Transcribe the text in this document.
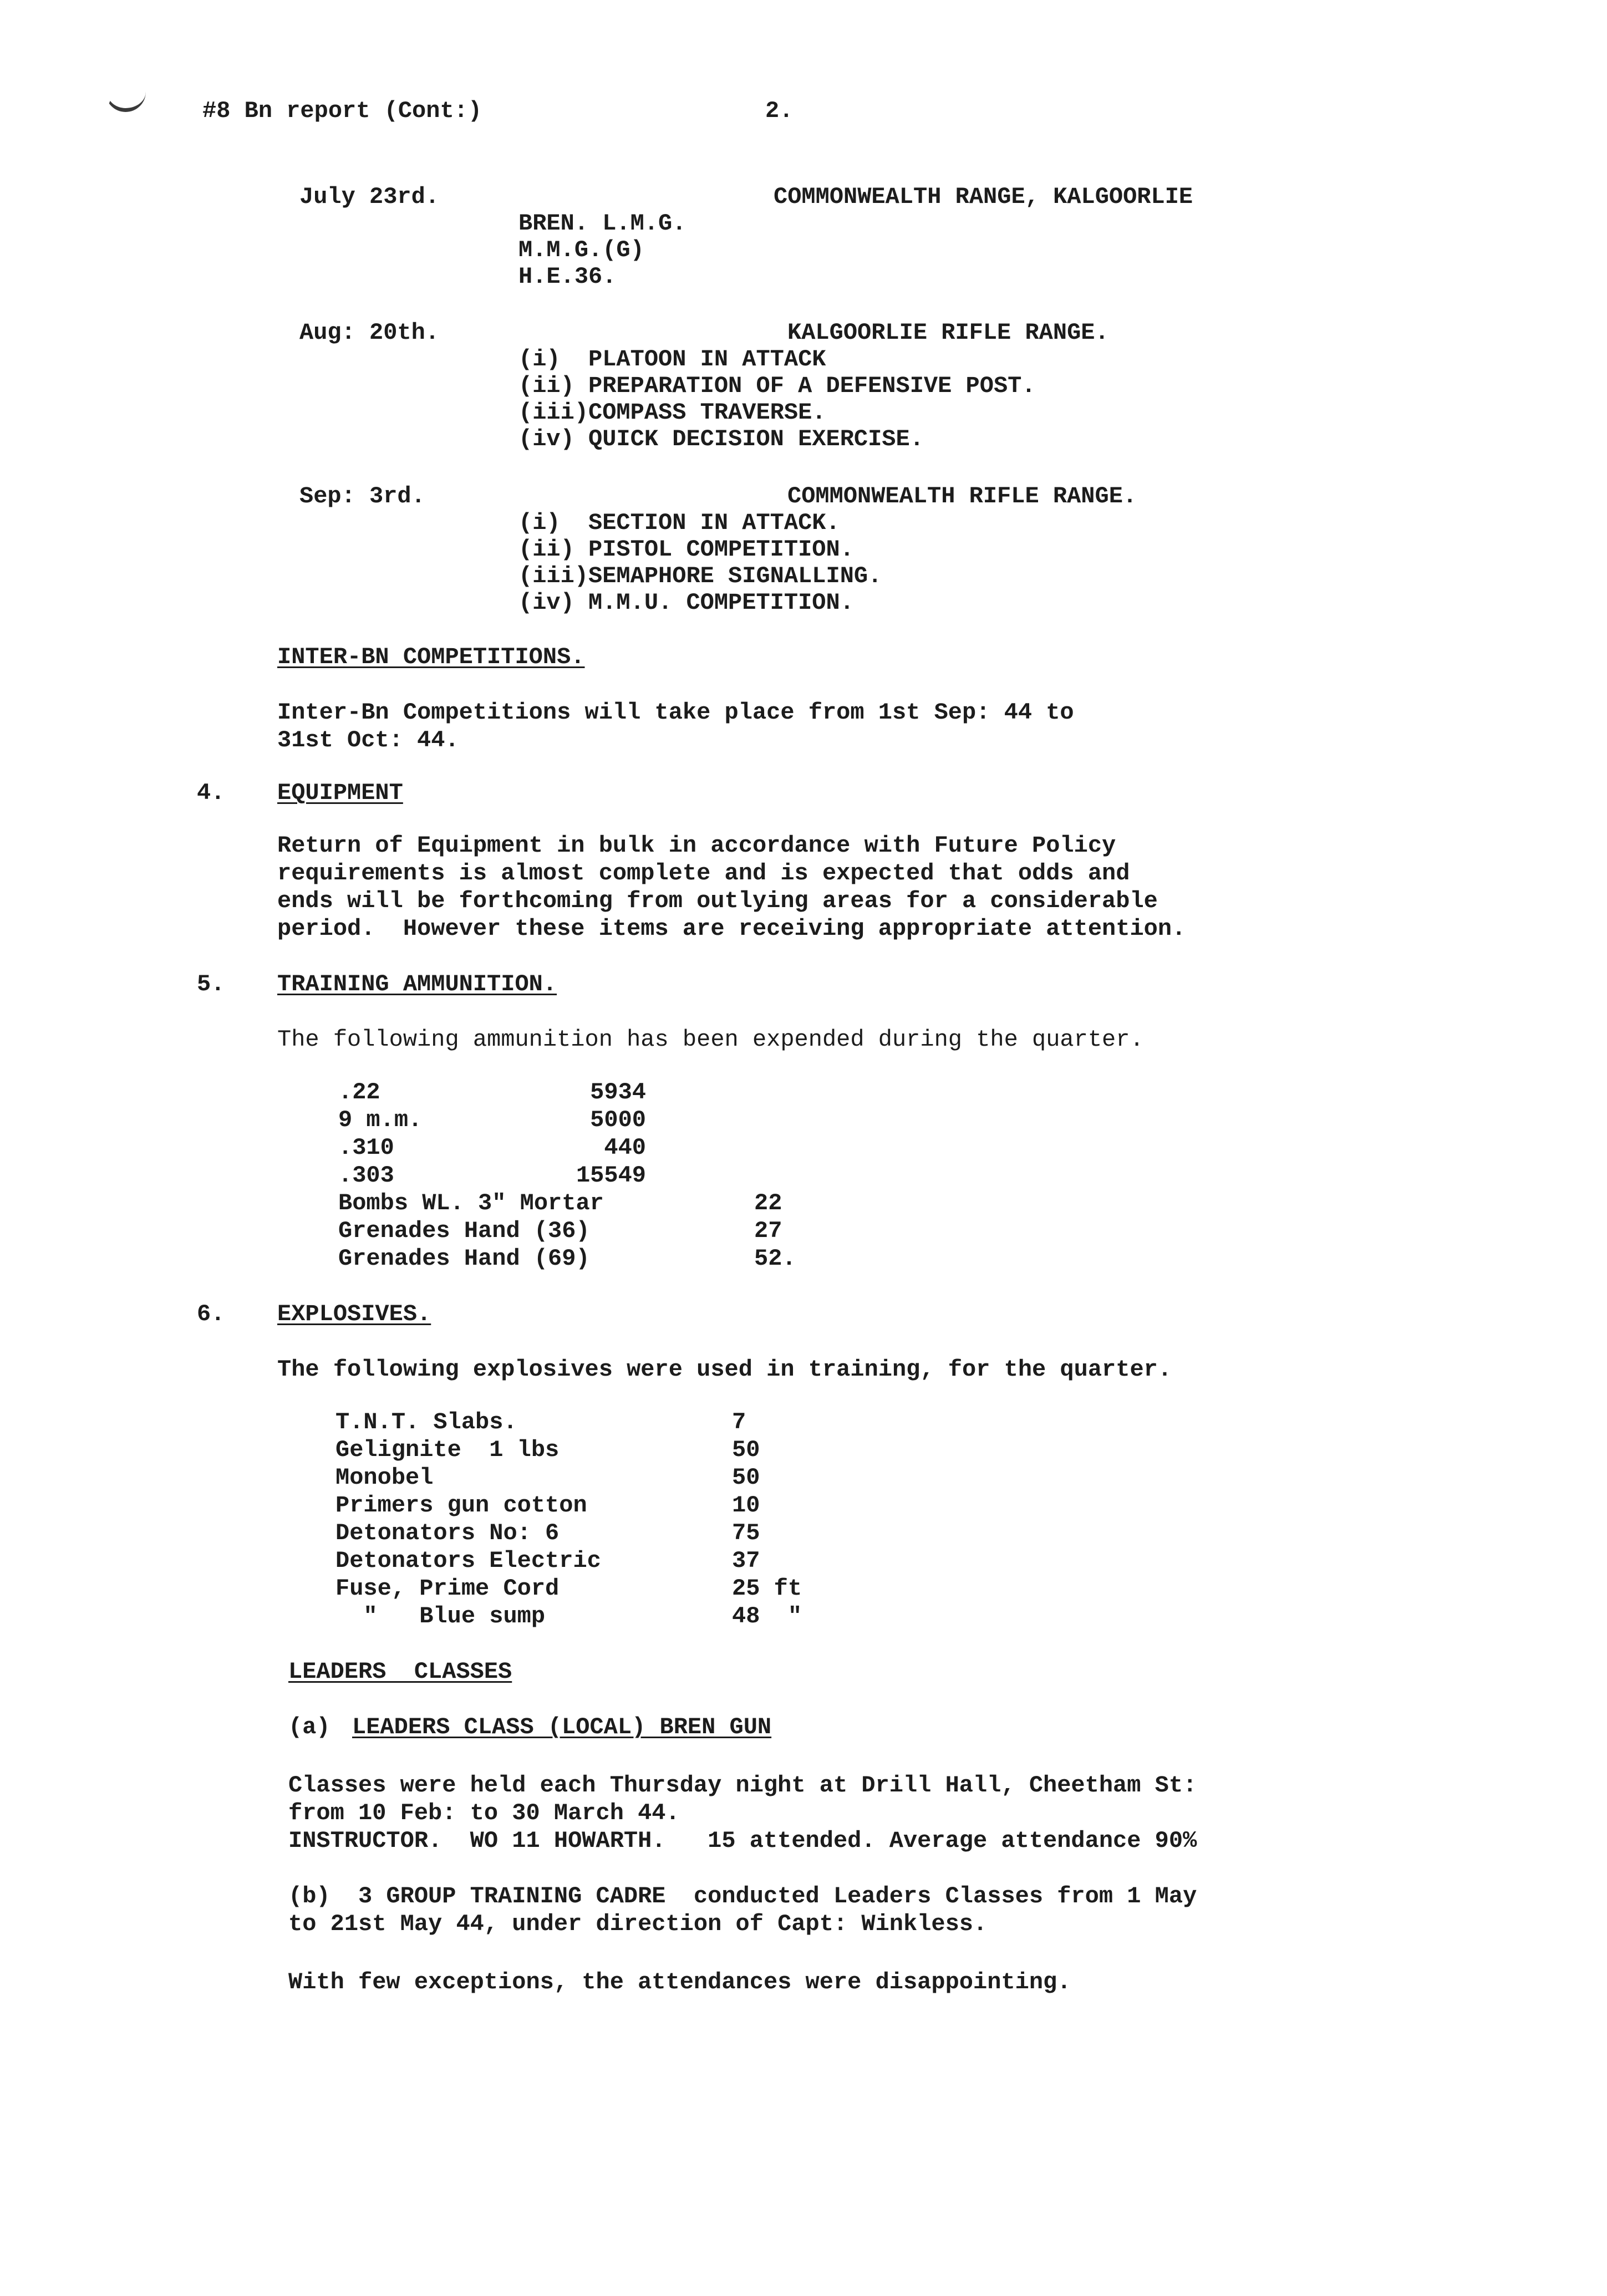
#8 Bn report (Cont:)	2.
July 23rd.	COMMONWEALTH RANGE, KALGOORLIE
BREN. L.M.G.
M.M.G.(G)
H.E.36.
Aug: 20th.	KALGOORLIE RIFLE RANGE.
(i)  PLATOON IN ATTACK
(ii) PREPARATION OF A DEFENSIVE POST.
(iii)COMPASS TRAVERSE.
(iv) QUICK DECISION EXERCISE.
Sep: 3rd.	COMMONWEALTH RIFLE RANGE.
(i)  SECTION IN ATTACK.
(ii) PISTOL COMPETITION.
(iii)SEMAPHORE SIGNALLING.
(iv) M.M.U. COMPETITION.
INTER-BN COMPETITIONS.
Inter-Bn Competitions will take place from 1st Sep: 44 to
31st Oct: 44.
4. EQUIPMENT
Return of Equipment in bulk in accordance with Future Policy
requirements is almost complete and is expected that odds and
ends will be forthcoming from outlying areas for a considerable
period.  However these items are receiving appropriate attention.
5. TRAINING AMMUNITION.
The following ammunition has been expended during the quarter.
.22	5934
9 m.m.	5000
.310	440
.303	15549
Bombs WL. 3" Mortar	22
Grenades Hand (36)	27
Grenades Hand (69)	52.
6. EXPLOSIVES.
The following explosives were used in training, for the quarter.
T.N.T. Slabs.	7
Gelignite  1 lbs	50
Monobel	50
Primers gun cotton	10
Detonators No: 6	75
Detonators Electric	37
Fuse, Prime Cord	25 ft
"   Blue sump	48  "
LEADERS  CLASSES
(a) LEADERS CLASS (LOCAL) BREN GUN
Classes were held each Thursday night at Drill Hall, Cheetham St:
from 10 Feb: to 30 March 44.
INSTRUCTOR.  WO 11 HOWARTH.   15 attended. Average attendance 90%
(b)  3 GROUP TRAINING CADRE  conducted Leaders Classes from 1 May
to 21st May 44, under direction of Capt: Winkless.
With few exceptions, the attendances were disappointing.
